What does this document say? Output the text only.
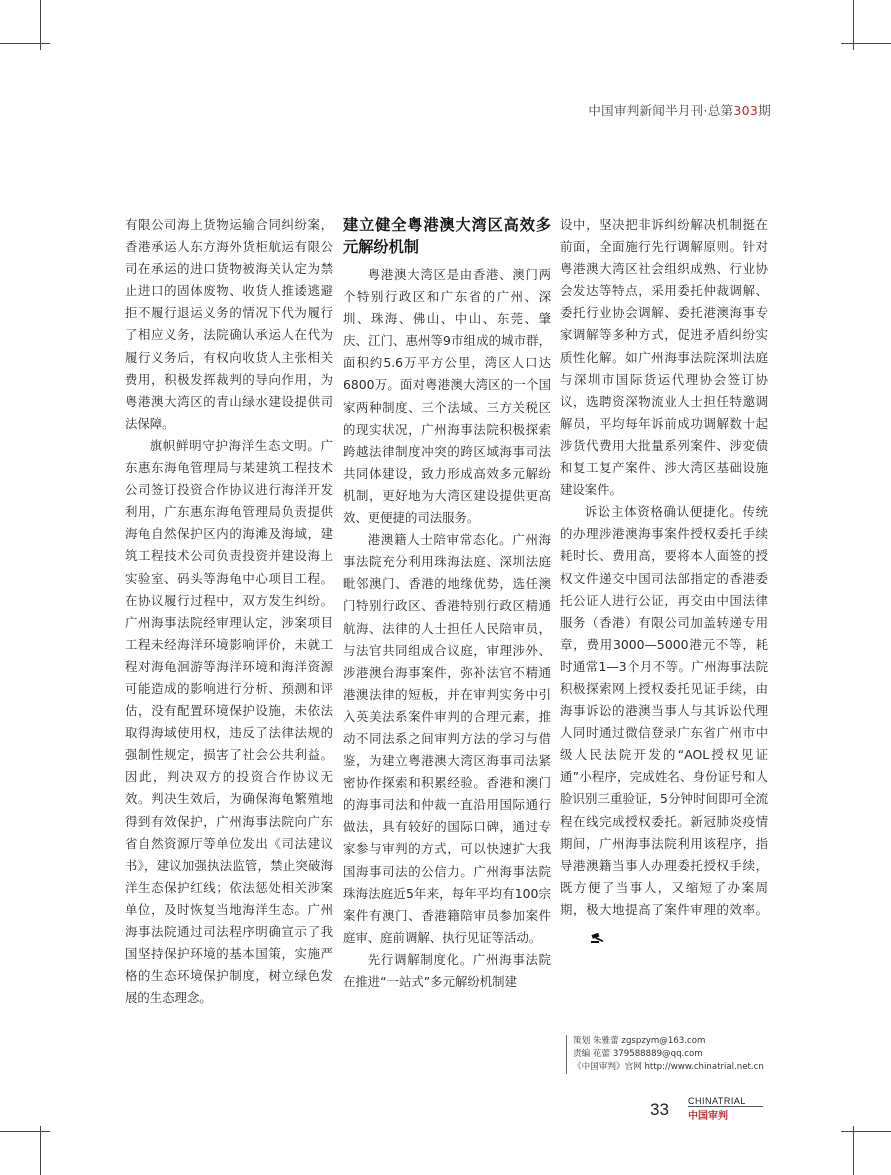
中国审判新闻半月刊·总第303期

有限公司海上货物运输合同纠纷案，香港承运人东方海外货柜航运有限公司在承运的进口货物被海关认定为禁止进口的固体废物、收货人推诿逃避拒不履行退运义务的情况下代为履行了相应义务，法院确认承运人在代为履行义务后，有权向收货人主张相关费用，积极发挥裁判的导向作用，为粤港澳大湾区的青山绿水建设提供司法保障。

旗帜鲜明守护海洋生态文明。广东惠东海龟管理局与某建筑工程技术公司签订投资合作协议进行海洋开发利用，广东惠东海龟管理局负责提供海龟自然保护区内的海滩及海域，建筑工程技术公司负责投资并建设海上实验室、码头等海龟中心项目工程。在协议履行过程中，双方发生纠纷。广州海事法院经审理认定，涉案项目工程未经海洋环境影响评价，未就工程对海龟洄游等海洋环境和海洋资源可能造成的影响进行分析、预测和评估，没有配置环境保护设施，未依法取得海域使用权，违反了法律法规的强制性规定，损害了社会公共利益。因此，判决双方的投资合作协议无效。判决生效后，为确保海龟繁殖地得到有效保护，广州海事法院向广东省自然资源厅等单位发出《司法建议书》，建议加强执法监管，禁止突破海洋生态保护红线；依法惩处相关涉案单位，及时恢复当地海洋生态。广州海事法院通过司法程序明确宣示了我国坚持保护环境的基本国策，实施严格的生态环境保护制度，树立绿色发展的生态理念。

建立健全粤港澳大湾区高效多元解纷机制

粤港澳大湾区是由香港、澳门两个特别行政区和广东省的广州、深圳、珠海、佛山、中山、东莞、肇庆、江门、惠州等9市组成的城市群，面积约5.6万平方公里，湾区人口达6800万。面对粤港澳大湾区的一个国家两种制度、三个法域、三方关税区的现实状况，广州海事法院积极探索跨越法律制度冲突的跨区域海事司法共同体建设，致力形成高效多元解纷机制，更好地为大湾区建设提供更高效、更便捷的司法服务。

港澳籍人士陪审常态化。广州海事法院充分利用珠海法庭、深圳法庭毗邻澳门、香港的地缘优势，选任澳门特别行政区、香港特别行政区精通航海、法律的人士担任人民陪审员，与法官共同组成合议庭，审理涉外、涉港澳台海事案件，弥补法官不精通港澳法律的短板，并在审判实务中引入英美法系案件审判的合理元素，推动不同法系之间审判方法的学习与借鉴，为建立粤港澳大湾区海事司法紧密协作探索和积累经验。香港和澳门的海事司法和仲裁一直沿用国际通行做法，具有较好的国际口碑，通过专家参与审判的方式，可以快速扩大我国海事司法的公信力。广州海事法院珠海法庭近5年来，每年平均有100宗案件有澳门、香港籍陪审员参加案件庭审、庭前调解、执行见证等活动。

先行调解制度化。广州海事法院在推进“一站式”多元解纷机制建

设中，坚决把非诉纠纷解决机制挺在前面，全面施行先行调解原则。针对粤港澳大湾区社会组织成熟、行业协会发达等特点，采用委托仲裁调解、委托行业协会调解、委托港澳海事专家调解等多种方式，促进矛盾纠纷实质性化解。如广州海事法院深圳法庭与深圳市国际货运代理协会签订协议，选聘资深物流业人士担任特邀调解员，平均每年诉前成功调解数十起涉货代费用大批量系列案件、涉変债和复工复产案件、涉大湾区基础设施建设案件。

诉讼主体资格确认便捷化。传统的办理涉港澳海事案件授权委托手续耗时长、费用高，要将本人面签的授权文件递交中国司法部指定的香港委托公证人进行公证，再交由中国法律服务（香港）有限公司加盖转递专用章，费用3000—5000港元不等，耗时通常1—3个月不等。广州海事法院积极探索网上授权委托见证手续，由海事诉讼的港澳当事人与其诉讼代理人同时通过微信登录广东省广州市中级人民法院开发的“AOL授权见证通”小程序，完成姓名、身份证号和人脸识别三重验证，5分钟时间即可全流程在线完成授权委托。新冠肺炎疫情期间，广州海事法院利用该程序，指导港澳籍当事人办理委托授权手续，既方便了当事人，又缩短了办案周期，极大地提高了案件审理的效率。

策划 朱雅蕾 zgspzym@163.com
责编 花蕾 379588889@qq.com
《中国审判》官网 http://www.chinatrial.net.cn
33 CHINATRIAL
中国审判
